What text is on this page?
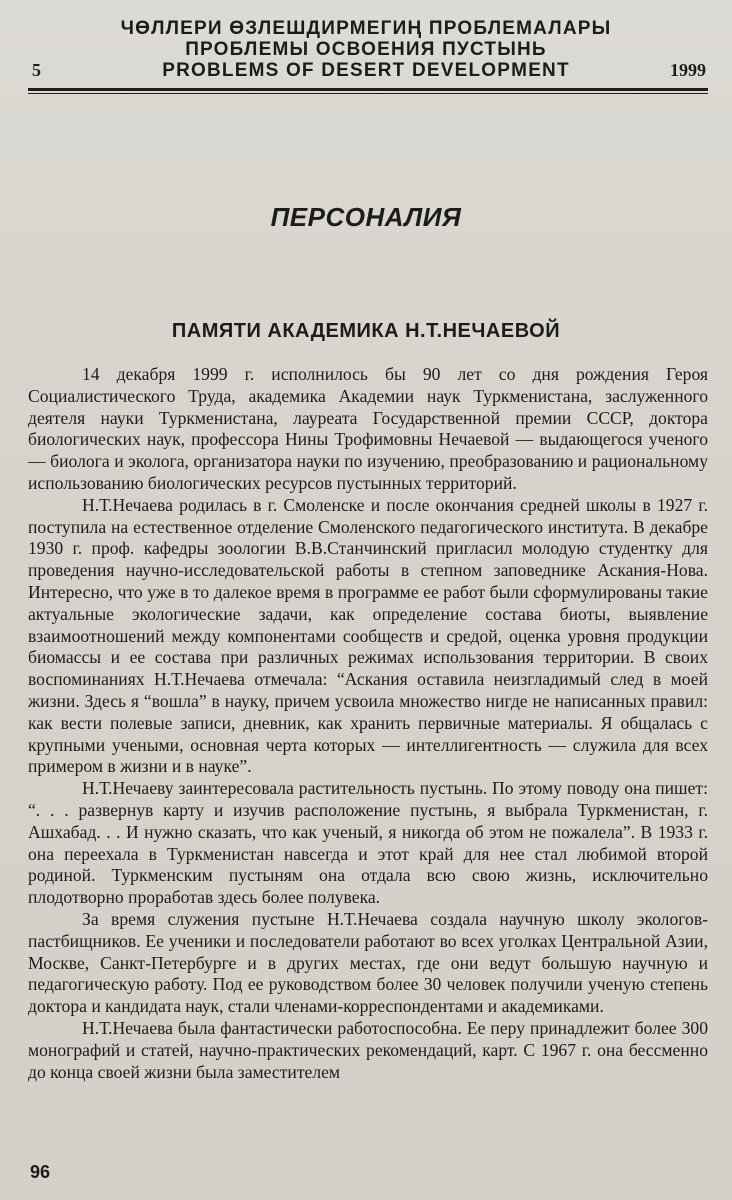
ЧӨЛЛЕРИ ӨЗЛЕШДИРМЕГИҢ ПРОБЛЕМАЛАРЫ
ПРОБЛЕМЫ ОСВОЕНИЯ ПУСТЫНЬ
PROBLEMS OF DESERT DEVELOPMENT
5	1999
ПЕРСОНАЛИЯ
ПАМЯТИ АКАДЕМИКА Н.Т.НЕЧАЕВОЙ

14 декабря 1999 г. исполнилось бы 90 лет со дня рождения Героя Социалистического Труда, академика Академии наук Туркменистана, заслуженного деятеля науки Туркменистана, лауреата Государственной премии СССР, доктора биологических наук, профессора Нины Трофимовны Нечаевой — выдающегося ученого — биолога и эколога, организатора науки по изучению, преобразованию и рациональному использованию биологических ресурсов пустынных территорий.

Н.Т.Нечаева родилась в г. Смоленске и после окончания средней школы в 1927 г. поступила на естественное отделение Смоленского педагогического института. В декабре 1930 г. проф. кафедры зоологии В.В.Станчинский пригласил молодую студентку для проведения научно-исследовательской работы в степном заповеднике Аскания-Нова. Интересно, что уже в то далекое время в программе ее работ были сформулированы такие актуальные экологические задачи, как определение состава биоты, выявление взаимоотношений между компонентами сообществ и средой, оценка уровня продукции биомассы и ее состава при различных режимах использования территории. В своих воспоминаниях Н.Т.Нечаева отмечала: “Аскания оставила неизгладимый след в моей жизни. Здесь я “вошла” в науку, причем усвоила множество нигде не написанных правил: как вести полевые записи, дневник, как хранить первичные материалы. Я общалась с крупными учеными, основная черта которых — интеллигентность — служила для всех примером в жизни и в науке”.

Н.Т.Нечаеву заинтересовала растительность пустынь. По этому поводу она пишет: “. . . развернув карту и изучив расположение пустынь, я выбрала Туркменистан, г. Ашхабад. . . И нужно сказать, что как ученый, я никогда об этом не пожалела”. В 1933 г. она переехала в Туркменистан навсегда и этот край для нее стал любимой второй родиной. Туркменским пустыням она отдала всю свою жизнь, исключительно плодотворно проработав здесь более полувека.

За время служения пустыне Н.Т.Нечаева создала научную школу экологов-пастбищников. Ее ученики и последователи работают во всех уголках Центральной Азии, Москве, Санкт-Петербурге и в других местах, где они ведут большую научную и педагогическую работу. Под ее руководством более 30 человек получили ученую степень доктора и кандидата наук, стали членами-корреспондентами и академиками.

Н.Т.Нечаева была фантастически работоспособна. Ее перу принадлежит более 300 монографий и статей, научно-практических рекомендаций, карт. С 1967 г. она бессменно до конца своей жизни была заместителем

96
